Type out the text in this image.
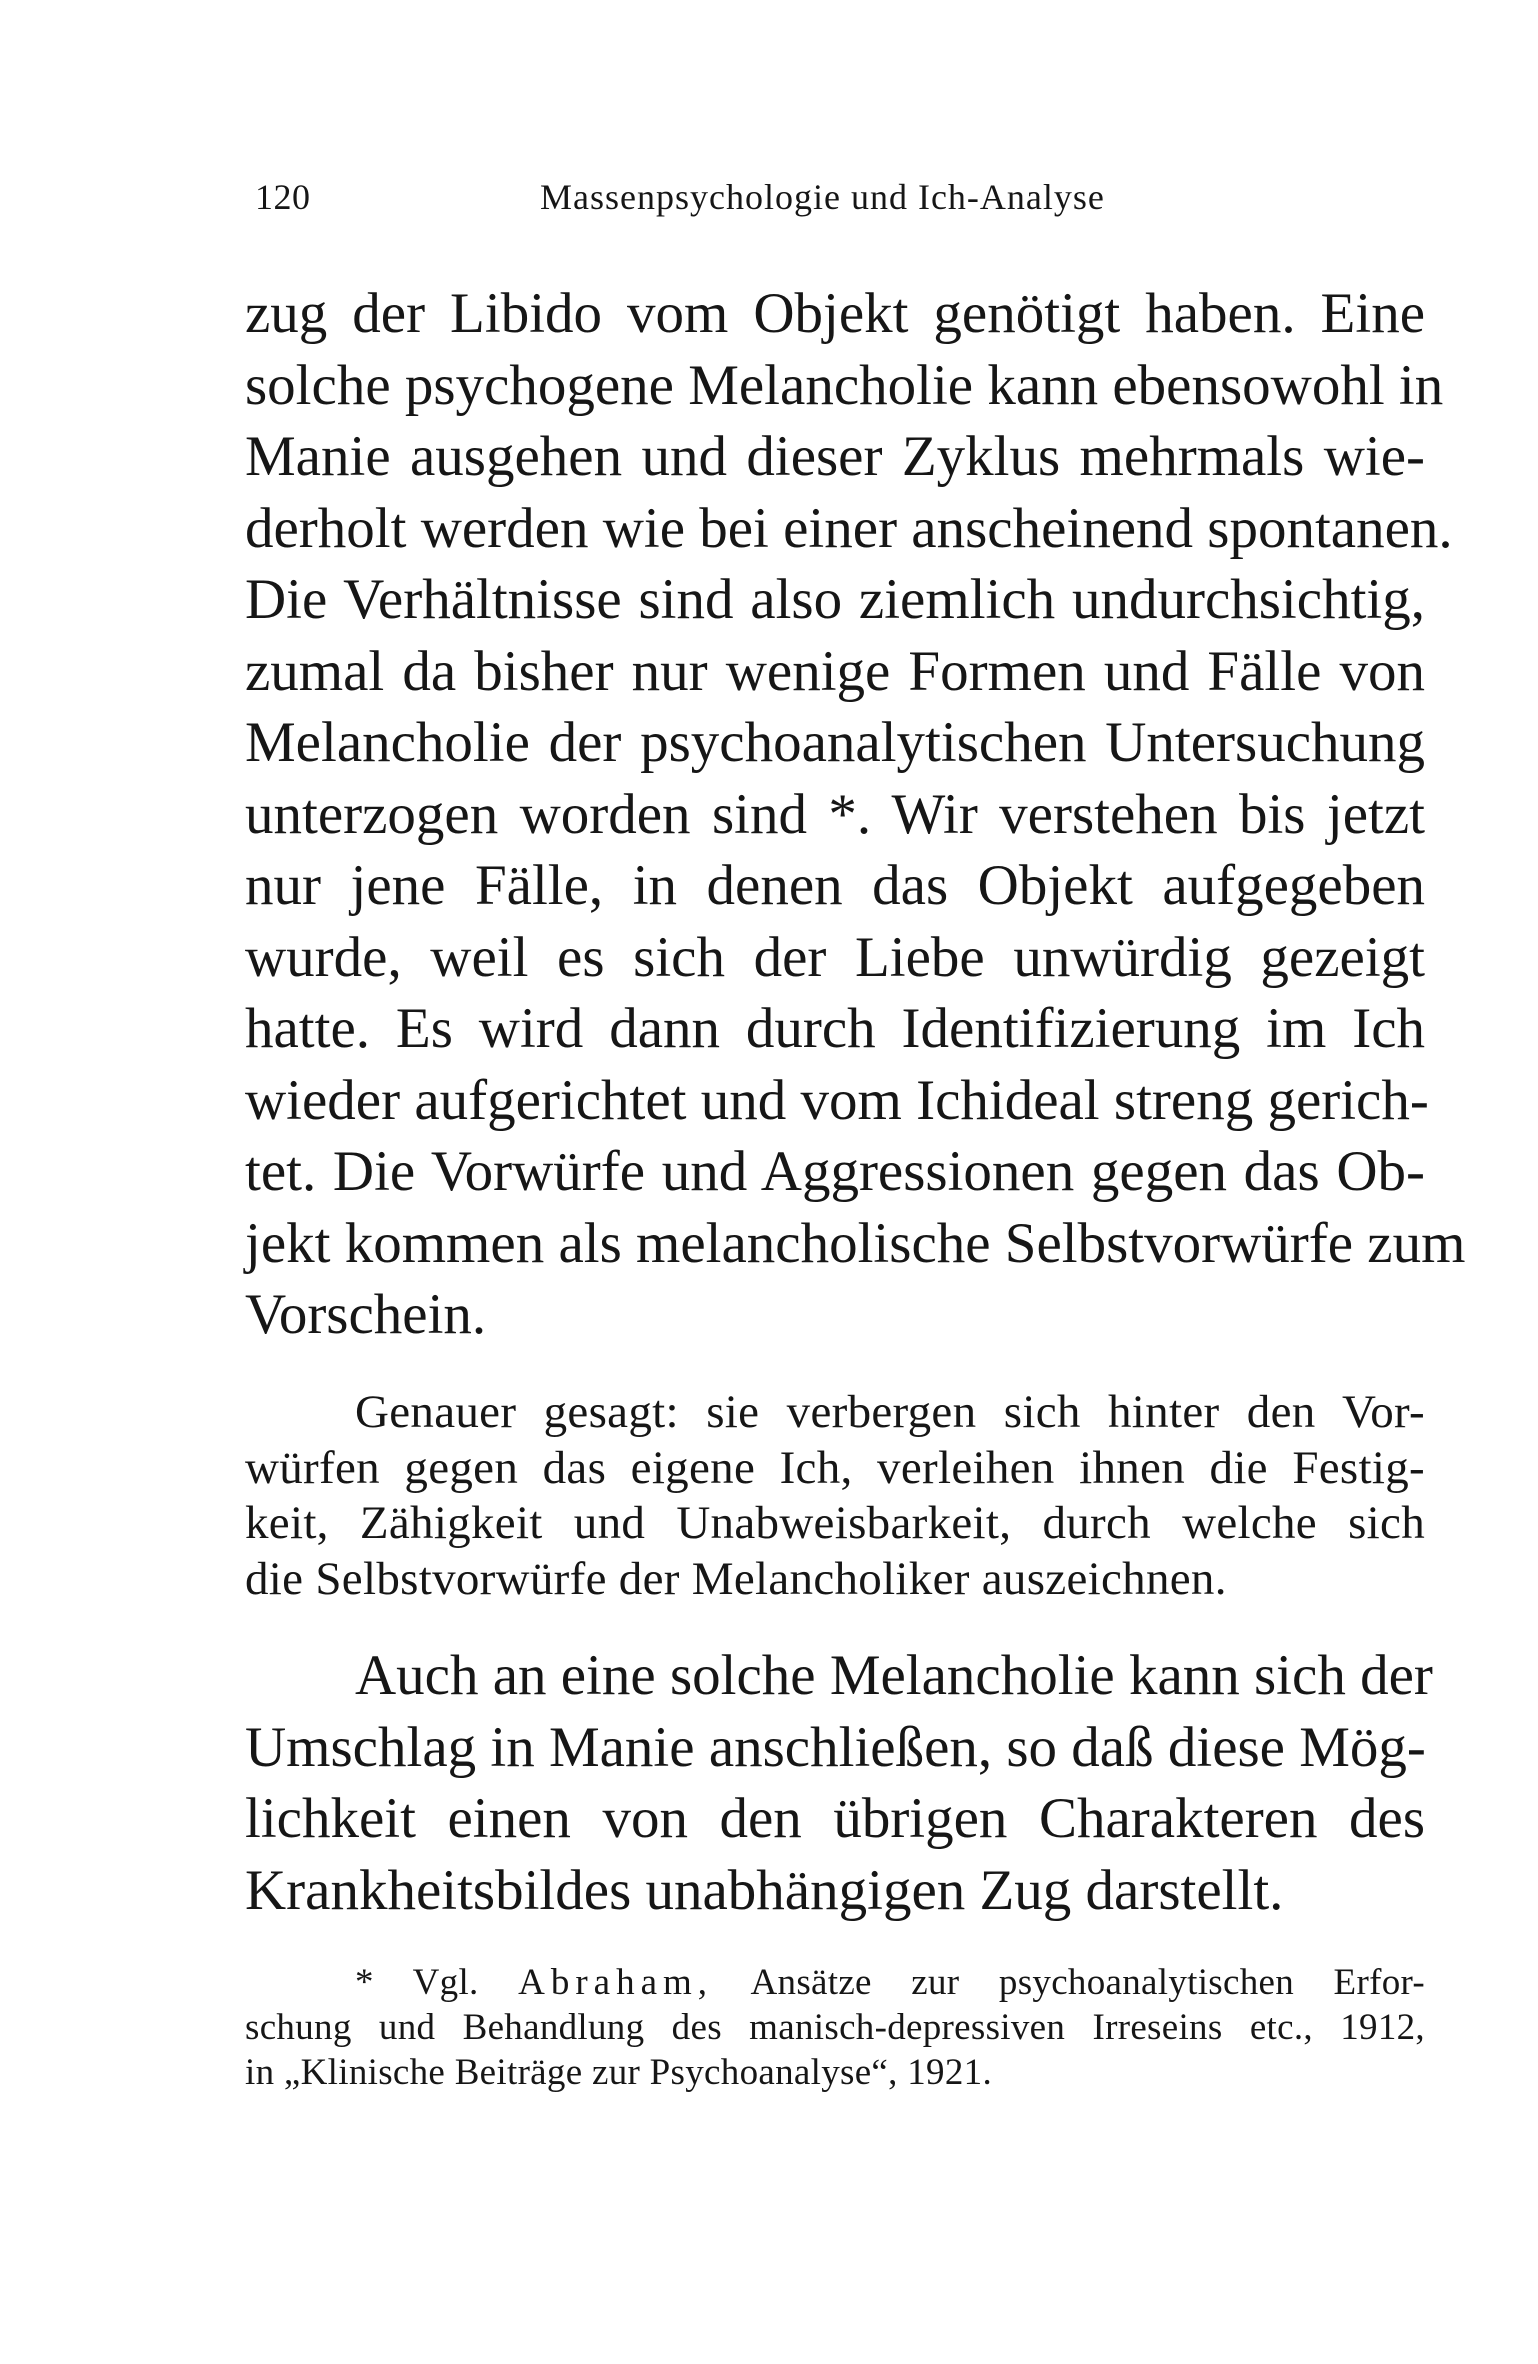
120	Massenpsychologie und Ich-Analyse
zug der Libido vom Objekt genötigt haben. Eine
solche psychogene Melancholie kann ebensowohl in
Manie ausgehen und dieser Zyklus mehrmals wie-
derholt werden wie bei einer anscheinend spontanen.
Die Verhältnisse sind also ziemlich undurchsichtig,
zumal da bisher nur wenige Formen und Fälle von
Melancholie der psychoanalytischen Untersuchung
unterzogen worden sind *. Wir verstehen bis jetzt
nur jene Fälle, in denen das Objekt aufgegeben
wurde, weil es sich der Liebe unwürdig gezeigt
hatte. Es wird dann durch Identifizierung im Ich
wieder aufgerichtet und vom Ichideal streng gerich-
tet. Die Vorwürfe und Aggressionen gegen das Ob-
jekt kommen als melancholische Selbstvorwürfe zum
Vorschein.
Genauer gesagt: sie verbergen sich hinter den Vor-
würfen gegen das eigene Ich, verleihen ihnen die Festig-
keit, Zähigkeit und Unabweisbarkeit, durch welche sich
die Selbstvorwürfe der Melancholiker auszeichnen.
Auch an eine solche Melancholie kann sich der
Umschlag in Manie anschließen, so daß diese Mög-
lichkeit einen von den übrigen Charakteren des
Krankheitsbildes unabhängigen Zug darstellt.
* Vgl. Abraham, Ansätze zur psychoanalytischen Erfor-
schung und Behandlung des manisch-depressiven Irreseins etc., 1912,
in „Klinische Beiträge zur Psychoanalyse“, 1921.
